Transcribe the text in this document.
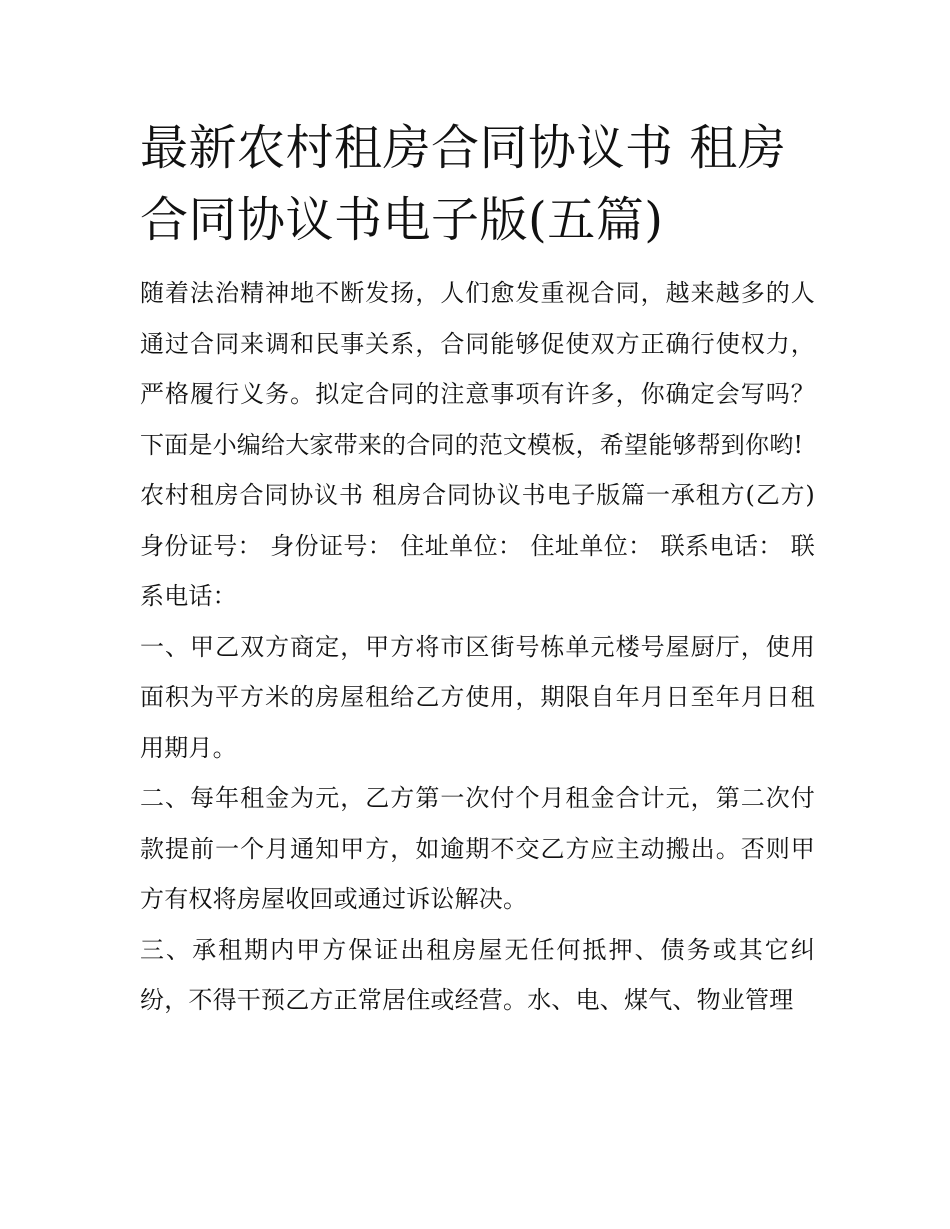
最新农村租房合同协议书 租房合同协议书电子版(五篇)

随着法治精神地不断发扬，人们愈发重视合同，越来越多的人通过合同来调和民事关系，合同能够促使双方正确行使权力，严格履行义务。拟定合同的注意事项有许多，你确定会写吗？下面是小编给大家带来的合同的范文模板，希望能够帮到你哟!

农村租房合同协议书 租房合同协议书电子版篇一承租方(乙方) 身份证号： 身份证号： 住址单位： 住址单位： 联系电话： 联系电话：

一、甲乙双方商定，甲方将市区街号栋单元楼号屋厨厅，使用面积为平方米的房屋租给乙方使用，期限自年月日至年月日租用期月。

二、每年租金为元，乙方第一次付个月租金合计元，第二次付款提前一个月通知甲方，如逾期不交乙方应主动搬出。否则甲方有权将房屋收回或通过诉讼解决。

三、承租期内甲方保证出租房屋无任何抵押、债务或其它纠纷，不得干预乙方正常居住或经营。水、电、煤气、物业管理
